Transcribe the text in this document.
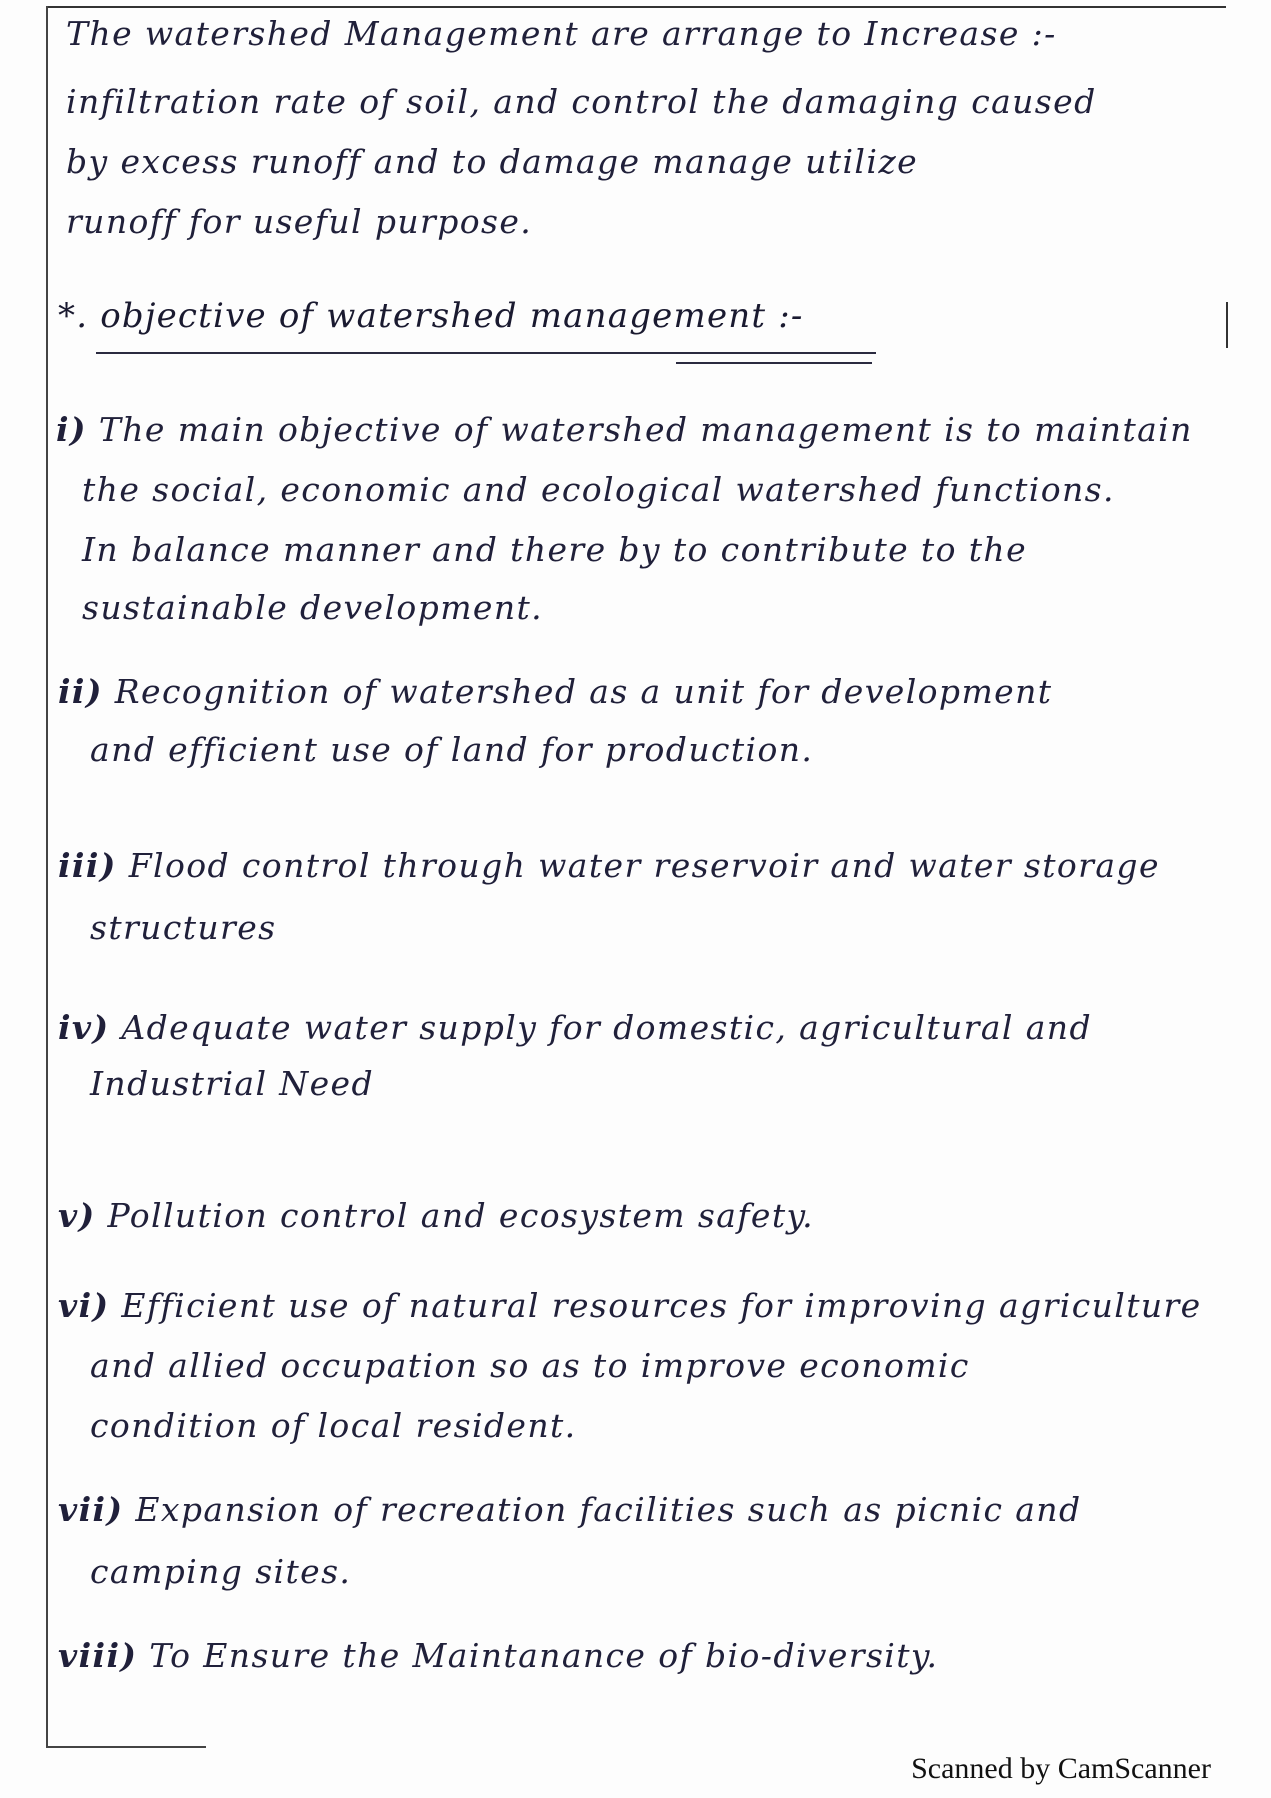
The watershed Management are arrange to Increase :-
infiltration rate of soil, and control the damaging caused
by excess runoff and to damage manage utilize
runoff for useful purpose.
*. objective of watershed management :-
i) The main objective of watershed management is to maintain
the social, economic and ecological watershed functions.
In balance manner and there by to contribute to the
sustainable development.
ii) Recognition of watershed as a unit for development
and efficient use of land for production.
iii) Flood control through water reservoir and water storage
structures
iv) Adequate water supply for domestic, agricultural and
Industrial Need
v) Pollution control and ecosystem safety.
vi) Efficient use of natural resources for improving agriculture
and allied occupation so as to improve economic
condition of local resident.
vii) Expansion of recreation facilities such as picnic and
camping sites.
viii) To Ensure the Maintanance of bio-diversity.
Scanned by CamScanner
